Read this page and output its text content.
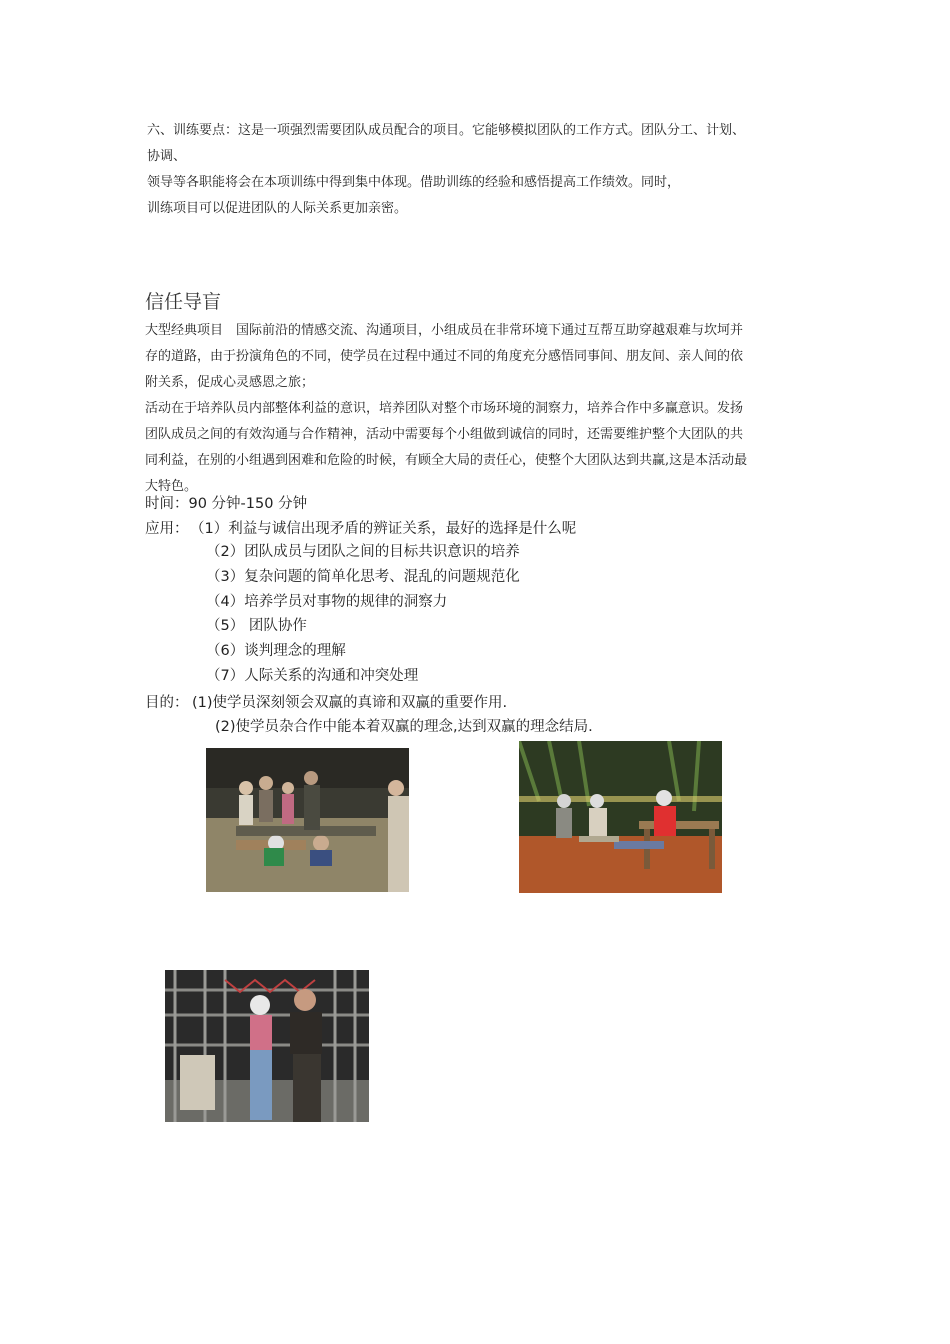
六、训练要点：这是一项强烈需要团队成员配合的项目。它能够模拟团队的工作方式。团队分工、计划、
协调、
领导等各职能将会在本项训练中得到集中体现。借助训练的经验和感悟提高工作绩效。同时，
训练项目可以促进团队的人际关系更加亲密。
信任导盲
大型经典项目　国际前沿的情感交流、沟通项目，小组成员在非常环境下通过互帮互助穿越艰难与坎坷并
存的道路，由于扮演角色的不同，使学员在过程中通过不同的角度充分感悟同事间、朋友间、亲人间的依
附关系，促成心灵感恩之旅；
活动在于培养队员内部整体利益的意识，培养团队对整个市场环境的洞察力，培养合作中多赢意识。发扬
团队成员之间的有效沟通与合作精神，活动中需要每个小组做到诚信的同时，还需要维护整个大团队的共
同利益，在别的小组遇到困难和危险的时候，有顾全大局的责任心，使整个大团队达到共赢,这是本活动最
大特色。
时间：90 分钟-150 分钟
应用： （1）利益与诚信出现矛盾的辨证关系，最好的选择是什么呢
（2）团队成员与团队之间的目标共识意识的培养
（3）复杂问题的简单化思考、混乱的问题规范化
（4）培养学员对事物的规律的洞察力
（5） 团队协作
（6）谈判理念的理解
（7）人际关系的沟通和冲突处理
目的： (1)使学员深刻领会双赢的真谛和双赢的重要作用.
(2)使学员杂合作中能本着双赢的理念,达到双赢的理念结局.
